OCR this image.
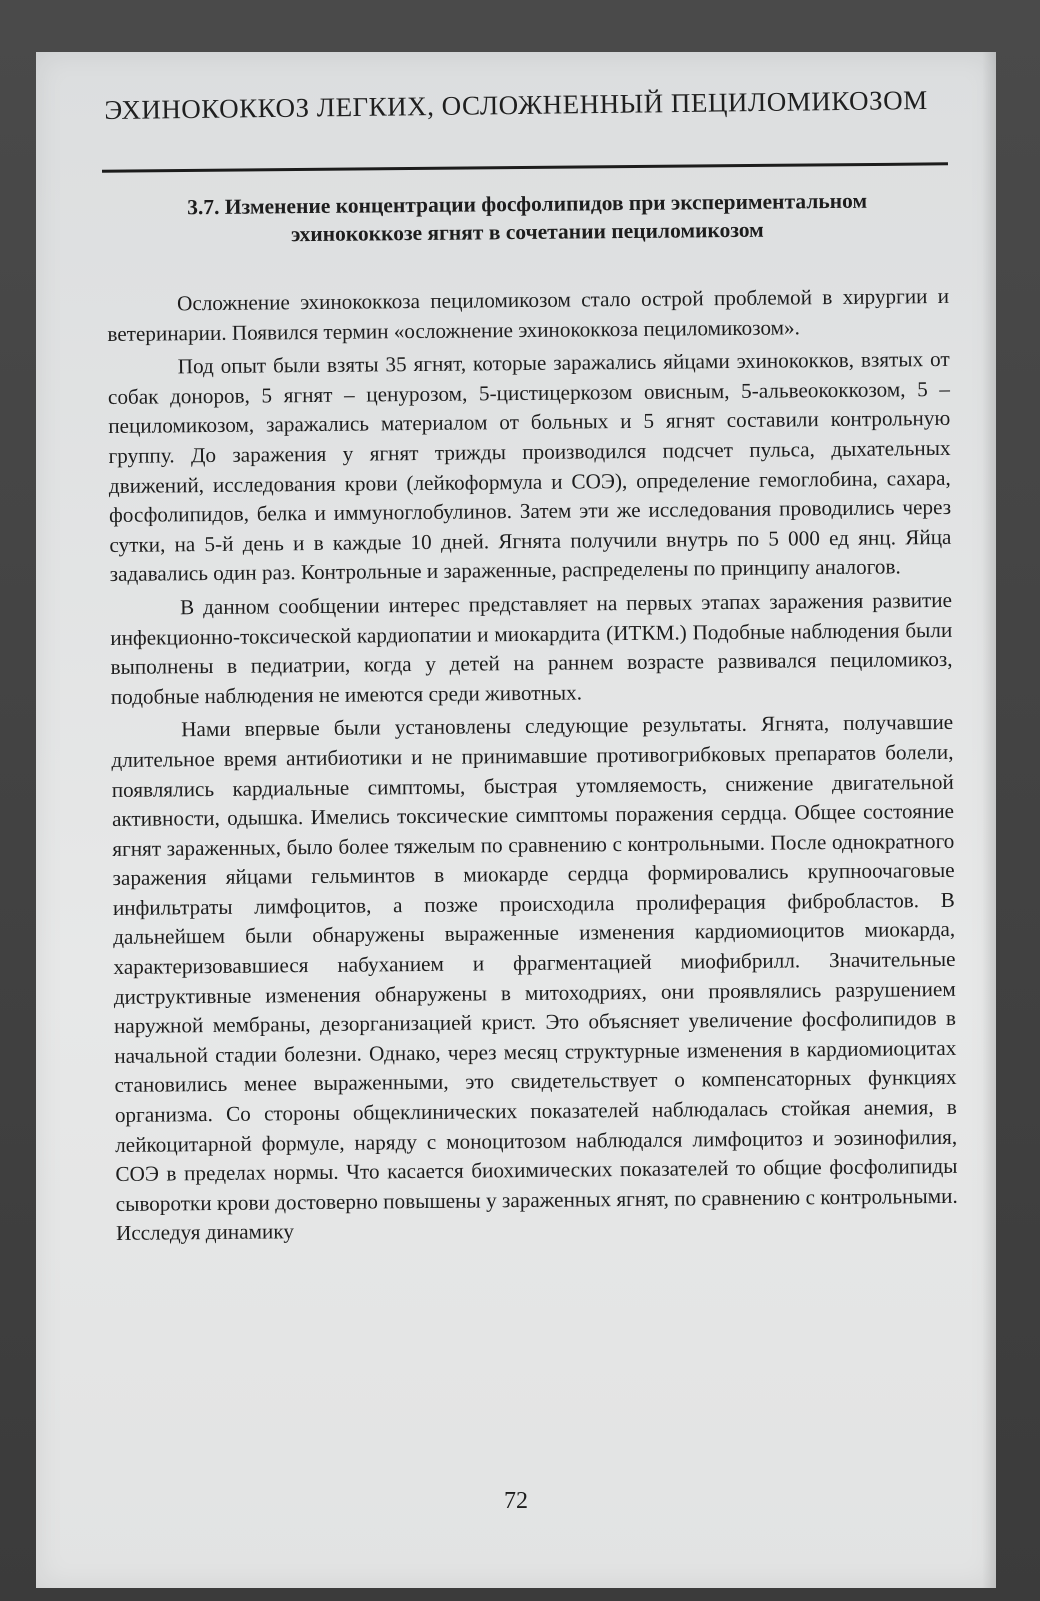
ЭХИНОКОККОЗ ЛЕГКИХ, ОСЛОЖНЕННЫЙ ПЕЦИЛОМИКОЗОМ
3.7. Изменение концентрации фосфолипидов при экспериментальном
эхинококкозе ягнят в сочетании пециломикозом

Осложнение эхинококкоза пециломикозом стало острой проблемой в хирургии и ветеринарии. Появился термин «осложнение эхинококкоза пециломикозом».

Под опыт были взяты 35 ягнят, которые заражались яйцами эхинококков, взятых от собак доноров, 5 ягнят – ценурозом, 5-цистицеркозом овисным, 5-альвеококкозом, 5 – пециломикозом, заражались материалом от больных и 5 ягнят составили контрольную группу. До заражения у ягнят трижды производился подсчет пульса, дыхательных движений, исследования крови (лейкоформула и СОЭ), определение гемоглобина, сахара, фосфолипидов, белка и иммуноглобулинов. Затем эти же исследования проводились через сутки, на 5-й день и в каждые 10 дней. Ягнята получили внутрь по 5 000 ед янц. Яйца задавались один раз. Контрольные и зараженные, распределены по принципу аналогов.

В данном сообщении интерес представляет на первых этапах заражения развитие инфекционно-токсической кардиопатии и миокардита (ИТКМ.) Подобные наблюдения были выполнены в педиатрии, когда у детей на раннем возрасте развивался пециломикоз, подобные наблюдения не имеются среди животных.

Нами впервые были установлены следующие результаты. Ягнята, получавшие длительное время антибиотики и не принимавшие противогрибковых препаратов болели, появлялись кардиальные симптомы, быстрая утомляемость, снижение двигательной активности, одышка. Имелись токсические симптомы поражения сердца. Общее состояние ягнят зараженных, было более тяжелым по сравнению с контрольными. После однократного заражения яйцами гельминтов в миокарде сердца формировались крупноочаговые инфильтраты лимфоцитов, а позже происходила пролиферация фибробластов. В дальнейшем были обнаружены выраженные изменения кардиомиоцитов миокарда, характеризовавшиеся набуханием и фрагментацией миофибрилл. Значительные диструктивные изменения обнаружены в митоходриях, они проявлялись разрушением наружной мембраны, дезорганизацией крист. Это объясняет увеличение фосфолипидов в начальной стадии болезни. Однако, через месяц структурные изменения в кардиомиоцитах становились менее выраженными, это свидетельствует о компенсаторных функциях организма. Со стороны общеклинических показателей наблюдалась стойкая анемия, в лейкоцитарной формуле, наряду с моноцитозом наблюдался лимфоцитоз и эозинофилия, СОЭ в пределах нормы. Что касается биохимических показателей то общие фосфолипиды сыворотки крови достоверно повышены у зараженных ягнят, по сравнению с контрольными. Исследуя динамику

72
